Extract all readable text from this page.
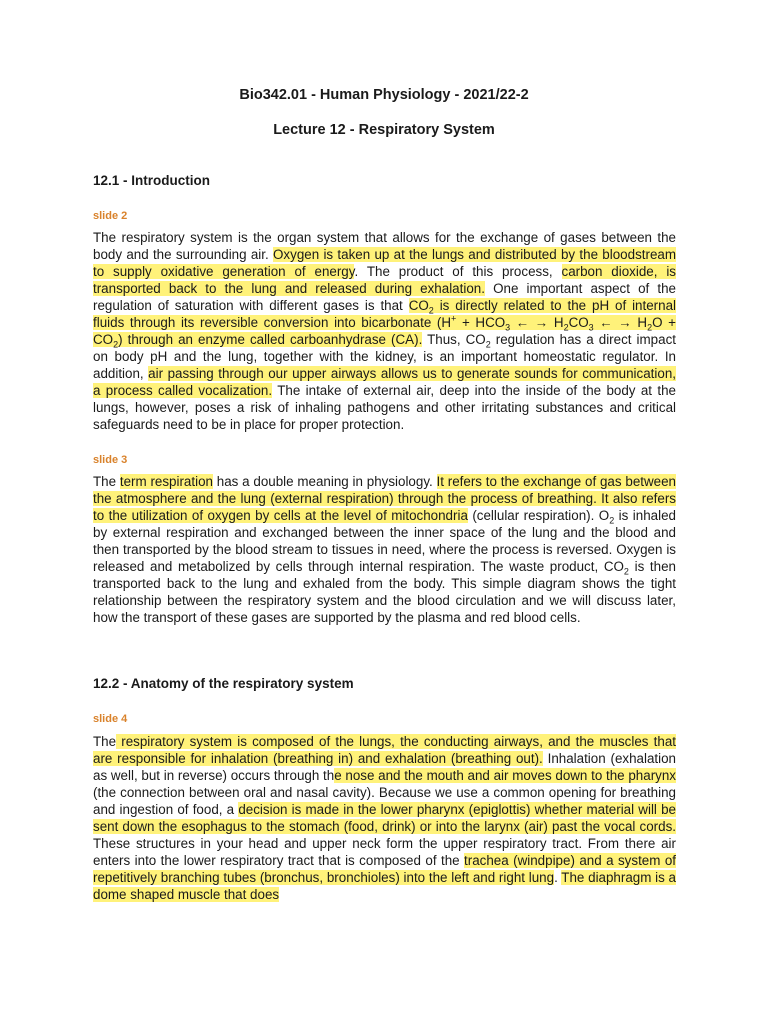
Bio342.01 - Human Physiology - 2021/22-2

Lecture 12 - Respiratory System

12.1 - Introduction

slide 2

The respiratory system is the organ system that allows for the exchange of gases between the body and the surrounding air. Oxygen is taken up at the lungs and distributed by the bloodstream to supply oxidative generation of energy. The product of this process, carbon dioxide, is transported back to the lung and released during exhalation. One important aspect of the regulation of saturation with different gases is that $CO_2$ is directly related to the pH of internal fluids through its reversible conversion into bicarbonate ($H^+ + HCO_3$ ← → $H_2CO_3$ ← → $H_2O + CO_2$) through an enzyme called carboanhydrase (CA). Thus, $CO_2$ regulation has a direct impact on body pH and the lung, together with the kidney, is an important homeostatic regulator. In addition, air passing through our upper airways allows us to generate sounds for communication, a process called vocalization. The intake of external air, deep into the inside of the body at the lungs, however, poses a risk of inhaling pathogens and other irritating substances and critical safeguards need to be in place for proper protection.

slide 3

The term respiration has a double meaning in physiology. It refers to the exchange of gas between the atmosphere and the lung (external respiration) through the process of breathing. It also refers to the utilization of oxygen by cells at the level of mitochondria (cellular respiration). $O_2$ is inhaled by external respiration and exchanged between the inner space of the lung and the blood and then transported by the blood stream to tissues in need, where the process is reversed. Oxygen is released and metabolized by cells through internal respiration. The waste product, $CO_2$ is then transported back to the lung and exhaled from the body. This simple diagram shows the tight relationship between the respiratory system and the blood circulation and we will discuss later, how the transport of these gases are supported by the plasma and red blood cells.

12.2 - Anatomy of the respiratory system

slide 4

The respiratory system is composed of the lungs, the conducting airways, and the muscles that are responsible for inhalation (breathing in) and exhalation (breathing out). Inhalation (exhalation as well, but in reverse) occurs through the nose and the mouth and air moves down to the pharynx (the connection between oral and nasal cavity). Because we use a common opening for breathing and ingestion of food, a decision is made in the lower pharynx (epiglottis) whether material will be sent down the esophagus to the stomach (food, drink) or into the larynx (air) past the vocal cords. These structures in your head and upper neck form the upper respiratory tract. From there air enters into the lower respiratory tract that is composed of the trachea (windpipe) and a system of repetitively branching tubes (bronchus, bronchioles) into the left and right lung. The diaphragm is a dome shaped muscle that does
